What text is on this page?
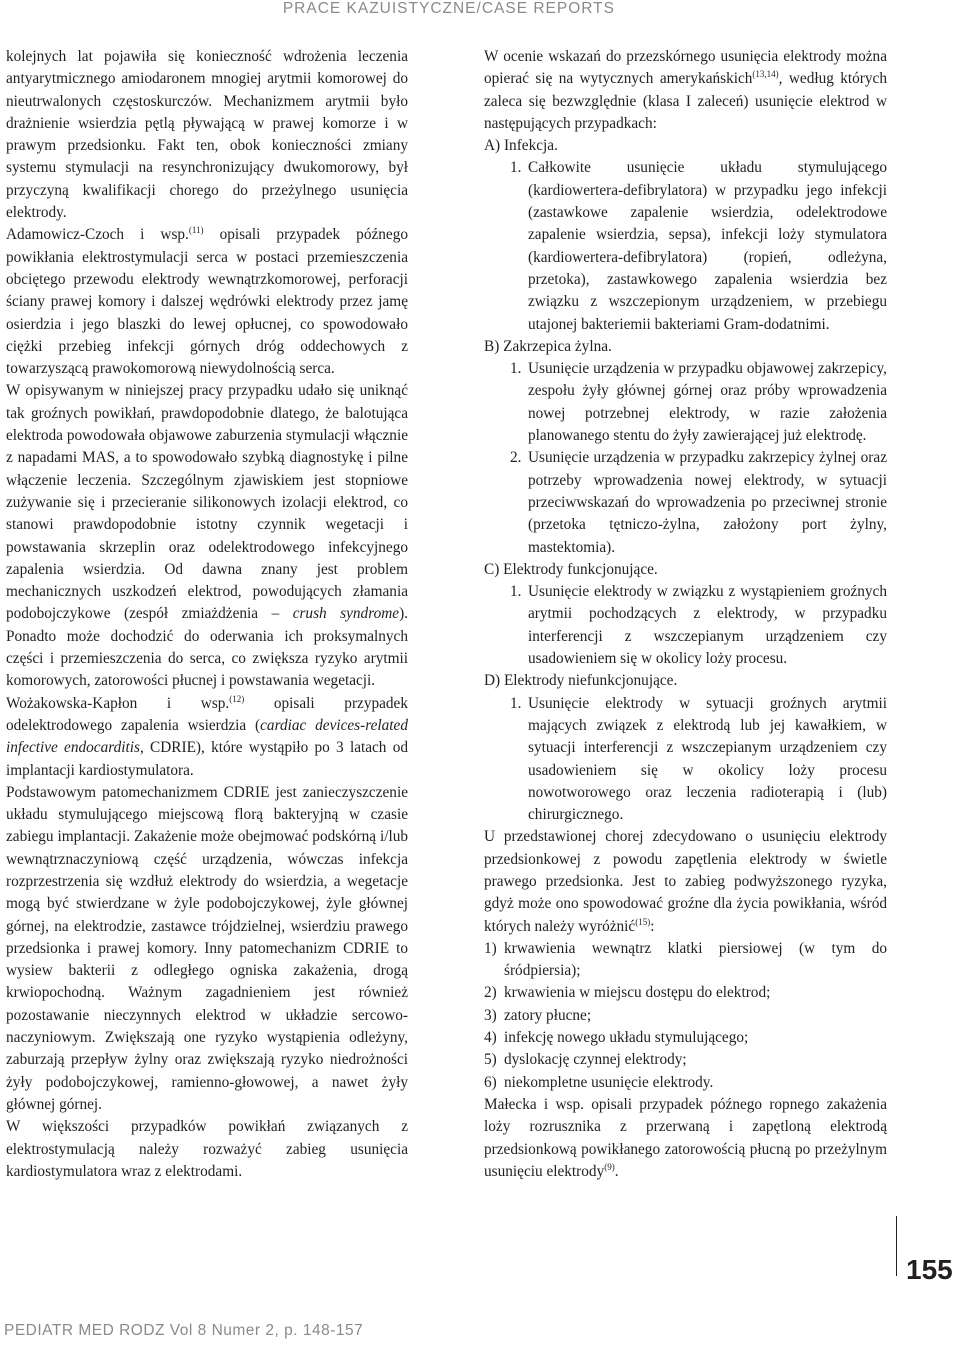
PRACE KAZUISTYCZNE/CASE REPORTS

kolejnych lat pojawiła się konieczność wdrożenia leczenia antyarytmicznego amiodaronem mnogiej arytmii komorowej do nieutrwalonych częstoskurczów. Mechanizmem arytmii było drażnienie wsierdzia pętlą pływającą w prawej komorze i w prawym przedsionku. Fakt ten, obok konieczności zmiany systemu stymulacji na resynchronizujący dwukomorowy, był przyczyną kwalifikacji chorego do przeżylnego usunięcia elektrody.

Adamowicz-Czoch i wsp.$^{(11)}$ opisali przypadek późnego powikłania elektrostymulacji serca w postaci przemieszczenia obciętego przewodu elektrody wewnątrzkomorowej, perforacji ściany prawej komory i dalszej wędrówki elektrody przez jamę osierdzia i jego blaszki do lewej opłucnej, co spowodowało ciężki przebieg infekcji górnych dróg oddechowych z towarzyszącą prawokomorową niewydolnością serca.

W opisywanym w niniejszej pracy przypadku udało się uniknąć tak groźnych powikłań, prawdopodobnie dlatego, że balotująca elektroda powodowała objawowe zaburzenia stymulacji włącznie z napadami MAS, a to spowodowało szybką diagnostykę i pilne włączenie leczenia. Szczególnym zjawiskiem jest stopniowe zużywanie się i przecieranie silikonowych izolacji elektrod, co stanowi prawdopodobnie istotny czynnik wegetacji i powstawania skrzeplin oraz odelektrodowego infekcyjnego zapalenia wsierdzia. Od dawna znany jest problem mechanicznych uszkodzeń elektrod, powodujących złamania podobojczykowe (zespół zmiażdżenia – crush syndrome). Ponadto może dochodzić do oderwania ich proksymalnych części i przemieszczenia do serca, co zwiększa ryzyko arytmii komorowych, zatorowości płucnej i powstawania wegetacji.

Wożakowska-Kapłon i wsp.$^{(12)}$ opisali przypadek odelektrodowego zapalenia wsierdzia (cardiac devices-related infective endocarditis, CDRIE), które wystąpiło po 3 latach od implantacji kardiostymulatora.

Podstawowym patomechanizmem CDRIE jest zanieczyszczenie układu stymulującego miejscową florą bakteryjną w czasie zabiegu implantacji. Zakażenie może obejmować podskórną i/lub wewnątrznaczyniową część urządzenia, wówczas infekcja rozprzestrzenia się wzdłuż elektrody do wsierdzia, a wegetacje mogą być stwierdzane w żyle podobojczykowej, żyle głównej górnej, na elektrodzie, zastawce trójdzielnej, wsierdziu prawego przedsionka i prawej komory. Inny patomechanizm CDRIE to wysiew bakterii z odległego ogniska zakażenia, drogą krwiopochodną. Ważnym zagadnieniem jest również pozostawanie nieczynnych elektrod w układzie sercowo-naczyniowym. Zwiększają one ryzyko wystąpienia odleżyny, zaburzają przepływ żylny oraz zwiększają ryzyko niedrożności żyły podobojczykowej, ramienno-głowowej, a nawet żyły głównej górnej.

W większości przypadków powikłań związanych z elektrostymulacją należy rozważyć zabieg usunięcia kardiostymulatora wraz z elektrodami.

W ocenie wskazań do przezskórnego usunięcia elektrody można opierać się na wytycznych amerykańskich$^{(13,14)}$, według których zaleca się bezwzględnie (klasa I zaleceń) usunięcie elektrod w następujących przypadkach:

A) Infekcja.

1. Całkowite usunięcie układu stymulującego (kardiowertera-defibrylatora) w przypadku jego infekcji (zastawkowe zapalenie wsierdzia, odelektrodowe zapalenie wsierdzia, sepsa), infekcji loży stymulatora (kardiowertera-defibrylatora) (ropień, odleżyna, przetoka), zastawkowego zapalenia wsierdzia bez związku z wszczepionym urządzeniem, w przebiegu utajonej bakteriemii bakteriami Gram-dodatnimi.

B) Zakrzepica żylna.

1. Usunięcie urządzenia w przypadku objawowej zakrzepicy, zespołu żyły głównej górnej oraz próby wprowadzenia nowej potrzebnej elektrody, w razie założenia planowanego stentu do żyły zawierającej już elektrodę.

2. Usunięcie urządzenia w przypadku zakrzepicy żylnej oraz potrzeby wprowadzenia nowej elektrody, w sytuacji przeciwwskazań do wprowadzenia po przeciwnej stronie (przetoka tętniczo-żylna, założony port żylny, mastektomia).

C) Elektrody funkcjonujące.

1. Usunięcie elektrody w związku z wystąpieniem groźnych arytmii pochodzących z elektrody, w przypadku interferencji z wszczepianym urządzeniem czy usadowieniem się w okolicy loży procesu.

D) Elektrody niefunkcjonujące.

1. Usunięcie elektrody w sytuacji groźnych arytmii mających związek z elektrodą lub jej kawałkiem, w sytuacji interferencji z wszczepianym urządzeniem czy usadowieniem się w okolicy loży procesu nowotworowego oraz leczenia radioterapią i (lub) chirurgicznego.

U przedstawionej chorej zdecydowano o usunięciu elektrody przedsionkowej z powodu zapętlenia elektrody w świetle prawego przedsionka. Jest to zabieg podwyższonego ryzyka, gdyż może ono spowodować groźne dla życia powikłania, wśród których należy wyróżnić$^{(15)}$:

1) krwawienia wewnątrz klatki piersiowej (w tym do śródpiersia);

2) krwawienia w miejscu dostępu do elektrod;

3) zatory płucne;

4) infekcję nowego układu stymulującego;

5) dyslokację czynnej elektrody;

6) niekompletne usunięcie elektrody.

Małecka i wsp. opisali przypadek późnego ropnego zakażenia loży rozrusznika z przerwaną i zapętloną elektrodą przedsionkową powikłanego zatorowością płucną po przeżylnym usunięciu elektrody$^{(9)}$.

155
PEDIATR MED RODZ Vol 8 Numer 2, p. 148-157
